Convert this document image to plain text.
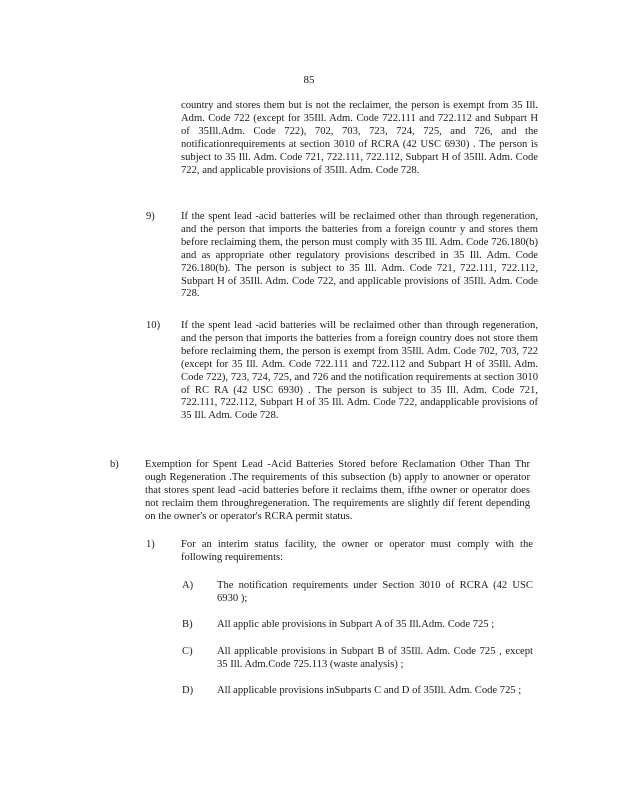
85
country and stores them but is not the reclaimer, the person is exempt from 35 Ill. Adm. Code 722 (except for 35Ill. Adm. Code 722.111 and 722.112 and Subpart H of 35Ill.Adm. Code 722), 702, 703, 723, 724, 725, and 726, and the notificationrequirements at section 3010 of RCRA (42 USC 6930) . The person is subject to 35 Ill. Adm. Code 721, 722.111, 722.112, Subpart H of 35Ill. Adm. Code 722, and applicable provisions of 35Ill. Adm. Code 728.
9) If the spent lead -acid batteries will be reclaimed other than through regeneration, and the person that imports the batteries from a foreign countr y and stores them before reclaiming them, the person must comply with 35 Ill. Adm. Code 726.180(b) and as appropriate other regulatory provisions described in 35 Ill. Adm. Code 726.180(b). The person is subject to 35 Ill. Adm. Code 721, 722.111, 722.112, Subpart H of 35Ill. Adm. Code 722, and applicable provisions of 35Ill. Adm. Code 728.
10) If the spent lead -acid batteries will be reclaimed other than through regeneration, and the person that imports the batteries from a foreign country does not store them before reclaiming them, the person is exempt from 35Ill. Adm. Code 702, 703, 722 (except for 35 Ill. Adm. Code 722.111 and 722.112 and Subpart H of 35Ill. Adm. Code 722), 723, 724, 725, and 726 and the notification requirements at section 3010 of RC RA (42 USC 6930) . The person is subject to 35 Ill. Adm. Code 721, 722.111, 722.112, Subpart H of 35 Ill. Adm. Code 722, andapplicable provisions of 35 Ill. Adm. Code 728.
b) Exemption for Spent Lead -Acid Batteries Stored before Reclamation Other Than Thr ough Regeneration .The requirements of this subsection (b) apply to anowner or operator that stores spent lead -acid batteries before it reclaims them, ifthe owner or operator does not reclaim them throughregeneration. The requirements are slightly dif ferent depending on the owner's or operator's RCRA permit status.
1) For an interim status facility, the owner or operator must comply with the following requirements:
A) The notification requirements under Section 3010 of RCRA (42 USC 6930 );
B) All applic able provisions in Subpart A of 35 Ill.Adm. Code 725 ;
C) All applicable provisions in Subpart B of 35Ill. Adm. Code 725 , except 35 Ill. Adm.Code 725.113 (waste analysis) ;
D) All applicable provisions inSubparts C and D of 35Ill. Adm. Code 725 ;
